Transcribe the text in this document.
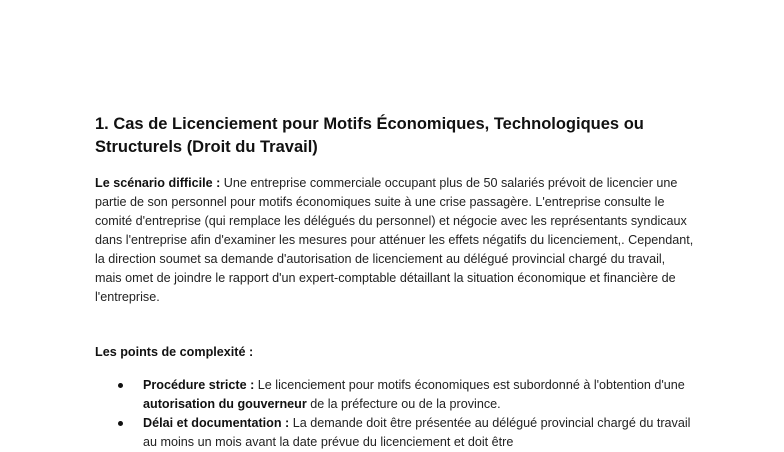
1. Cas de Licenciement pour Motifs Économiques, Technologiques ou Structurels (Droit du Travail)

Le scénario difficile : Une entreprise commerciale occupant plus de 50 salariés prévoit de licencier une partie de son personnel pour motifs économiques suite à une crise passagère. L'entreprise consulte le comité d'entreprise (qui remplace les délégués du personnel) et négocie avec les représentants syndicaux dans l'entreprise afin d'examiner les mesures pour atténuer les effets négatifs du licenciement,. Cependant, la direction soumet sa demande d'autorisation de licenciement au délégué provincial chargé du travail, mais omet de joindre le rapport d'un expert-comptable détaillant la situation économique et financière de l'entreprise.

Les points de complexité :

Procédure stricte : Le licenciement pour motifs économiques est subordonné à l'obtention d'une autorisation du gouverneur de la préfecture ou de la province.
Délai et documentation : La demande doit être présentée au délégué provincial chargé du travail au moins un mois avant la date prévue du licenciement et doit être
